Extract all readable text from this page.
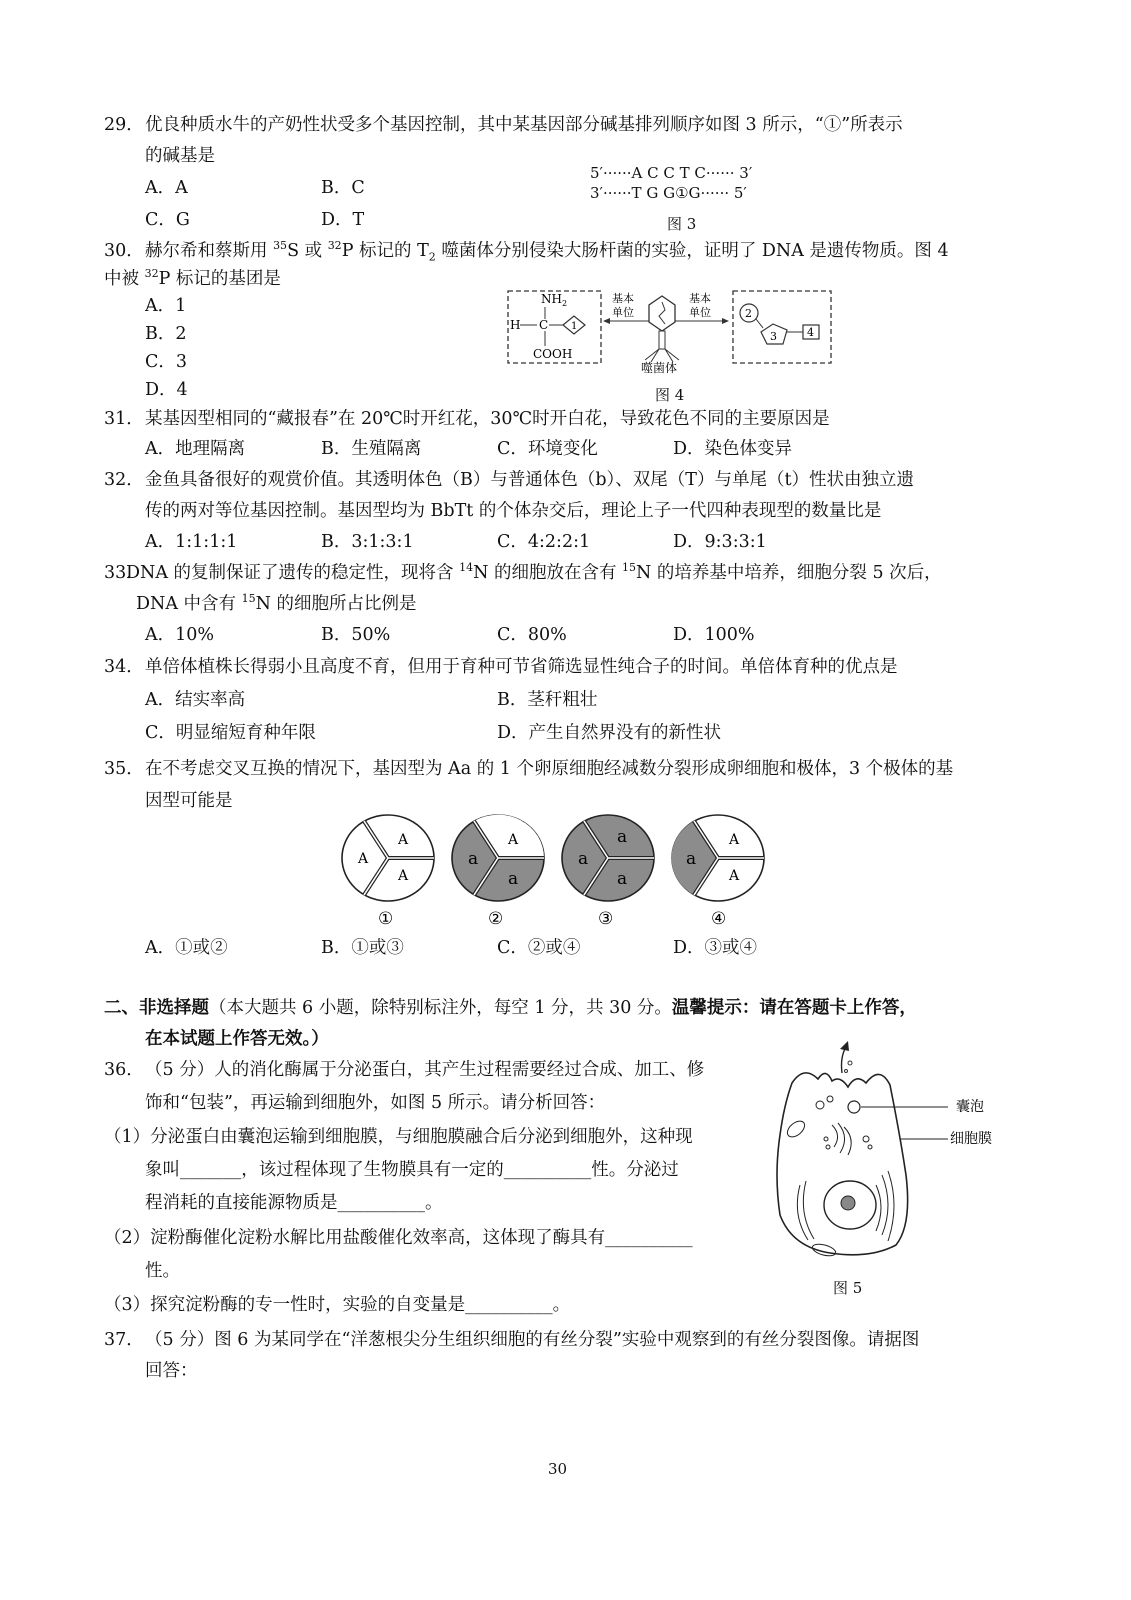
29． 优良种质水牛的产奶性状受多个基因控制，其中某基因部分碱基排列顺序如图 3 所示，“①”所表示
的碱基是
A．A	B．C
C．G	D．T
5′······A C C T C······ 3′
3′······T G G①G······ 5′
图 3
30． 赫尔希和蔡斯用 $^{35}$S 或 $^{32}$P 标记的 $T_2$ 噬菌体分别侵染大肠杆菌的实验，证明了 DNA 是遗传物质。图 4
中被 $^{32}$P 标记的基团是
A．1
B．2
C．3
D．4
NH 2
H C 1
COOH
基本
单位
基本
单位
噬菌体
2
3	4
图 4
31． 某基因型相同的“藏报春”在 20℃时开红花，30℃时开白花，导致花色不同的主要原因是
A．地理隔离	B．生殖隔离	C．环境变化	D．染色体变异
32． 金鱼具备很好的观赏价值。其透明体色（B）与普通体色（b）、双尾（T）与单尾（t）性状由独立遗
传的两对等位基因控制。基因型均为 BbTt 的个体杂交后，理论上子一代四种表现型的数量比是
A．1:1:1:1	B．3:1:3:1	C．4:2:2:1	D．9:3:3:1
33.
DNA 的复制保证了遗传的稳定性，现将含 $^{14}$N 的细胞放在含有 $^{15}$N 的培养基中培养，细胞分裂 5 次后，
DNA 中含有 $^{15}$N 的细胞所占比例是
A．10%	B．50%	C．80%	D．100%
34． 单倍体植株长得弱小且高度不育，但用于育种可节省筛选显性纯合子的时间。单倍体育种的优点是
A．结实率高	B．茎秆粗壮
C．明显缩短育种年限	D．产生自然界没有的新性状
35． 在不考虑交叉互换的情况下，基因型为 Aa 的 1 个卵原细胞经减数分裂形成卵细胞和极体，3 个极体的基
因型可能是
A
A
A
a
A
a
a
a
a
a
A
A
①	②	③	④
A．①或②	B．①或③	C．②或④	D．③或④
二、非选择题（本大题共 6 小题，除特别标注外，每空 1 分，共 30 分。温馨提示：请在答题卡上作答，
在本试题上作答无效。）
36． （5 分）人的消化酶属于分泌蛋白，其产生过程需要经过合成、加工、修
饰和“包装”，再运输到细胞外，如图 5 所示。请分析回答：
（1）分泌蛋白由囊泡运输到细胞膜，与细胞膜融合后分泌到细胞外，这种现
象叫_______，该过程体现了生物膜具有一定的__________性。分泌过
程消耗的直接能源物质是__________。
（2）淀粉酶催化淀粉水解比用盐酸催化效率高，这体现了酶具有__________
性。
（3）探究淀粉酶的专一性时，实验的自变量是__________。
囊泡
细胞膜
图 5
37． （5 分）图 6 为某同学在“洋葱根尖分生组织细胞的有丝分裂”实验中观察到的有丝分裂图像。请据图
回答：
30
